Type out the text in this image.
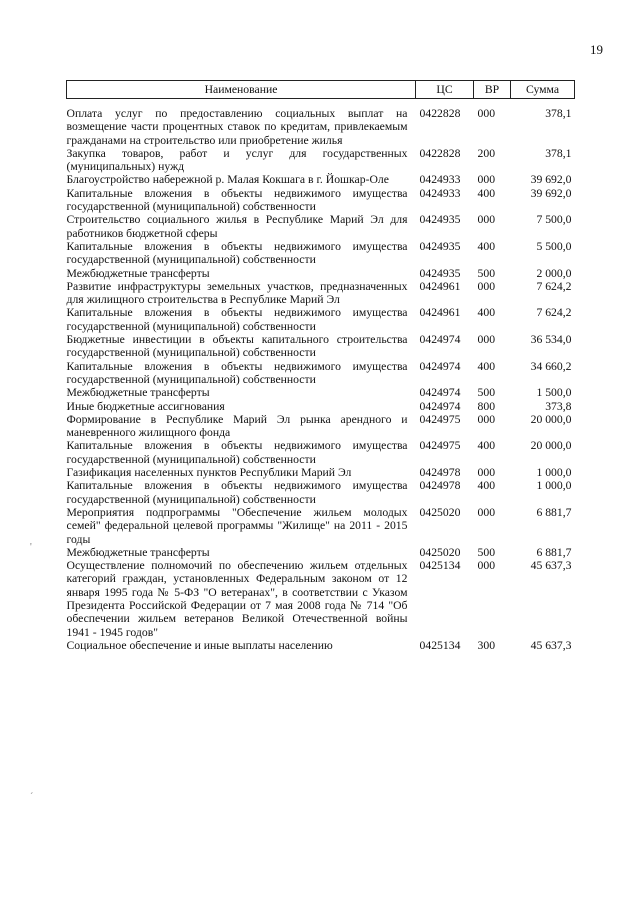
19
Наименование	ЦС	ВР	Сумма
Оплата услуг по предоставлению социальных выплат на возмещение части процентных ставок по кредитам, привлекаемым гражданами на строительство или приобретение жилья	0422828	000	378,1
Закупка товаров, работ и услуг для государственных (муниципальных) нужд	0422828	200	378,1
Благоустройство набережной р. Малая Кокшага в г. Йошкар-Оле	0424933	000	39 692,0
Капитальные вложения в объекты недвижимого имущества государственной (муниципальной) собственности	0424933	400	39 692,0
Строительство социального жилья в Республике Марий Эл для работников бюджетной сферы	0424935	000	7 500,0
Капитальные вложения в объекты недвижимого имущества государственной (муниципальной) собственности	0424935	400	5 500,0
Межбюджетные трансферты	0424935	500	2 000,0
Развитие инфраструктуры земельных участков, предназначенных для жилищного строительства в Республике Марий Эл	0424961	000	7 624,2
Капитальные вложения в объекты недвижимого имущества государственной (муниципальной) собственности	0424961	400	7 624,2
Бюджетные инвестиции в объекты капитального строительства государственной (муниципальной) собственности	0424974	000	36 534,0
Капитальные вложения в объекты недвижимого имущества государственной (муниципальной) собственности	0424974	400	34 660,2
Межбюджетные трансферты	0424974	500	1 500,0
Иные бюджетные ассигнования	0424974	800	373,8
Формирование в Республике Марий Эл рынка арендного и маневренного жилищного фонда	0424975	000	20 000,0
Капитальные вложения в объекты недвижимого имущества государственной (муниципальной) собственности	0424975	400	20 000,0
Газификация населенных пунктов Республики Марий Эл	0424978	000	1 000,0
Капитальные вложения в объекты недвижимого имущества государственной (муниципальной) собственности	0424978	400	1 000,0
Мероприятия подпрограммы "Обеспечение жильем молодых семей" федеральной целевой программы "Жилище" на 2011 - 2015 годы	0425020	000	6 881,7
Межбюджетные трансферты	0425020	500	6 881,7
Осуществление полномочий по обеспечению жильем отдельных категорий граждан, установленных Федеральным законом от 12 января 1995 года № 5-ФЗ "О ветеранах", в соответствии с Указом Президента Российской Федерации от 7 мая 2008 года № 714 "Об обеспечении жильем ветеранов Великой Отечественной войны 1941 - 1945 годов"	0425134	000	45 637,3
Социальное обеспечение и иные выплаты населению	0425134	300	45 637,3
'
´
